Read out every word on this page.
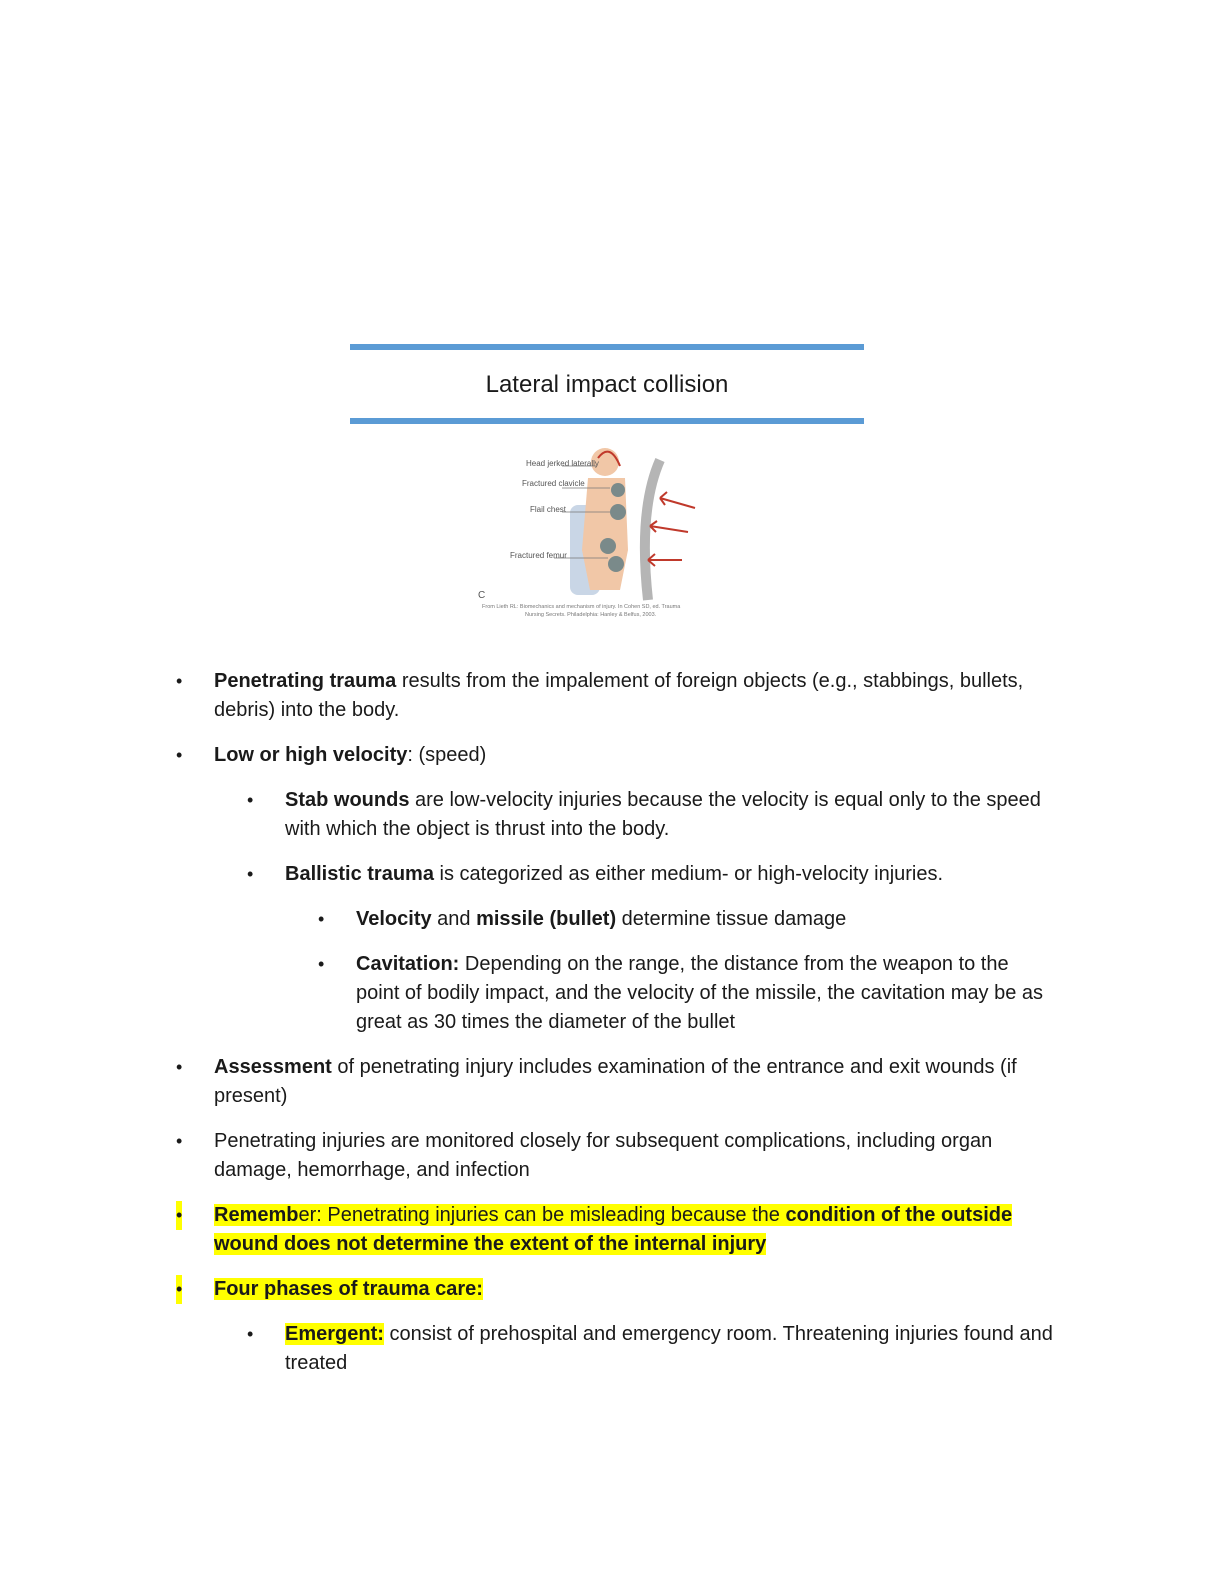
Lateral impact collision
Head jerked laterally
Fractured clavicle
Flail chest
Fractured femur
C
From Lieth RL: Biomechanics and mechanism of injury. In Cohen SD, ed. Trauma
Nursing Secrets. Philadelphia: Hanley & Belfus, 2003.
• Penetrating trauma results from the impalement of foreign objects (e.g., stabbings, bullets, debris) into the body.
• Low or high velocity: (speed)
• Stab wounds are low-velocity injuries because the velocity is equal only to the speed with which the object is thrust into the body.
• Ballistic trauma is categorized as either medium- or high-velocity injuries.
• Velocity and missile (bullet) determine tissue damage
• Cavitation: Depending on the range, the distance from the weapon to the point of bodily impact, and the velocity of the missile, the cavitation may be as great as 30 times the diameter of the bullet
• Assessment of penetrating injury includes examination of the entrance and exit wounds (if present)
• Penetrating injuries are monitored closely for subsequent complications, including organ damage, hemorrhage, and infection
• Remember: Penetrating injuries can be misleading because the condition of the outside wound does not determine the extent of the internal injury
• Four phases of trauma care:
• Emergent: consist of prehospital and emergency room. Threatening injuries found and treated
